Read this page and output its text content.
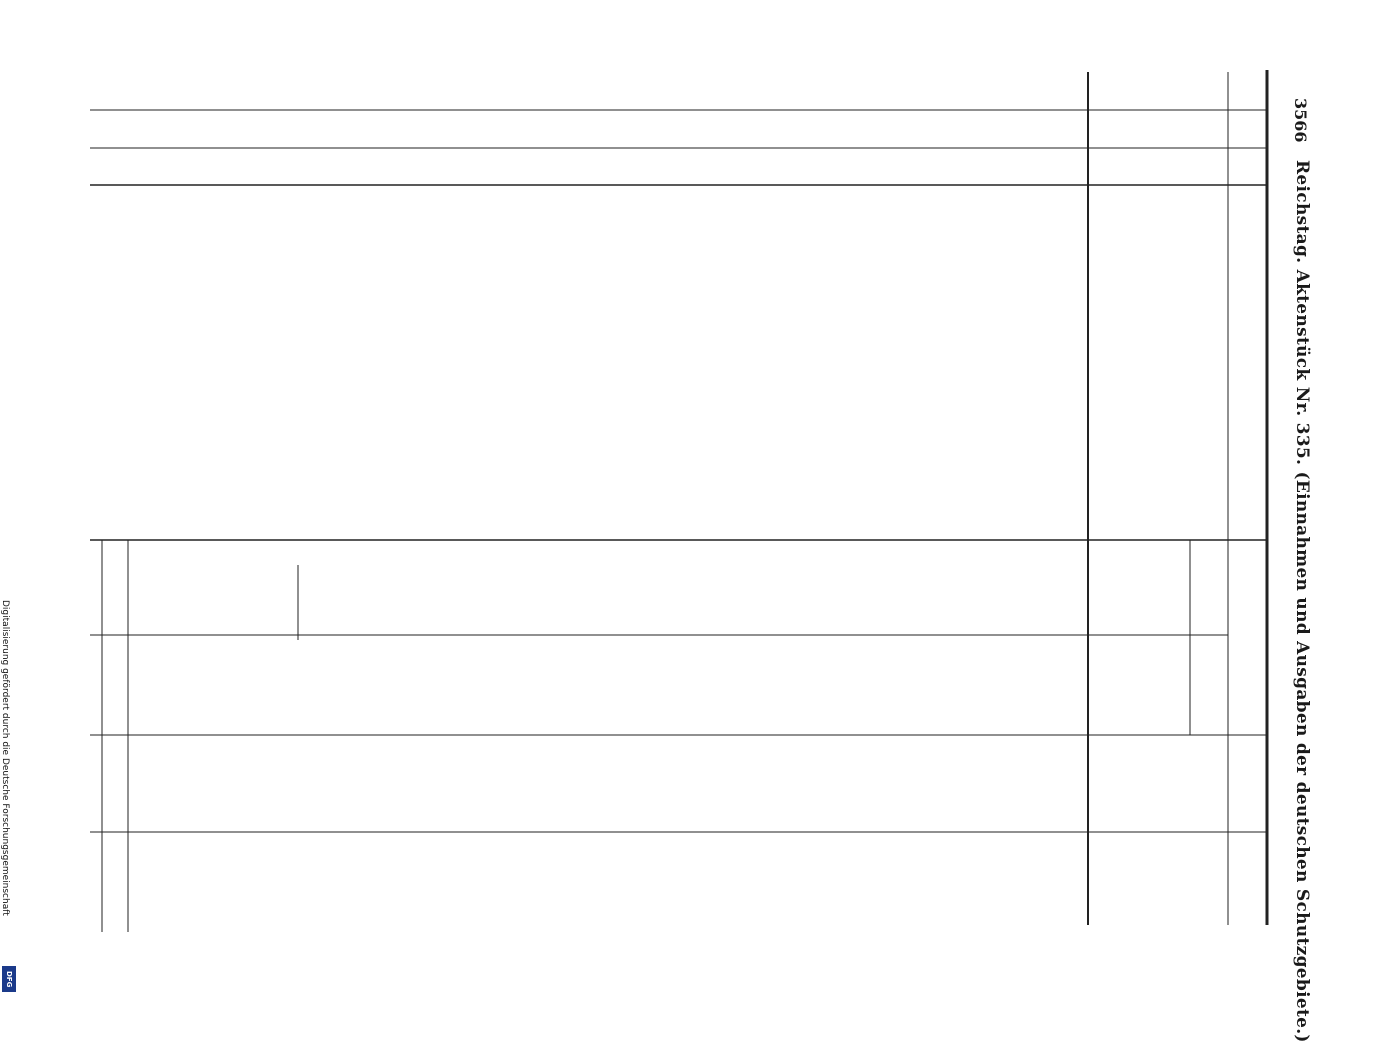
3566
Reichstag. Aktenstück Nr. 335. (Einnahmen und Ausgaben der deutschen Schutzgebiete.)
Digitalisierung gefördert durch die Deutsche Forschungsgemeinschaft
DFG
